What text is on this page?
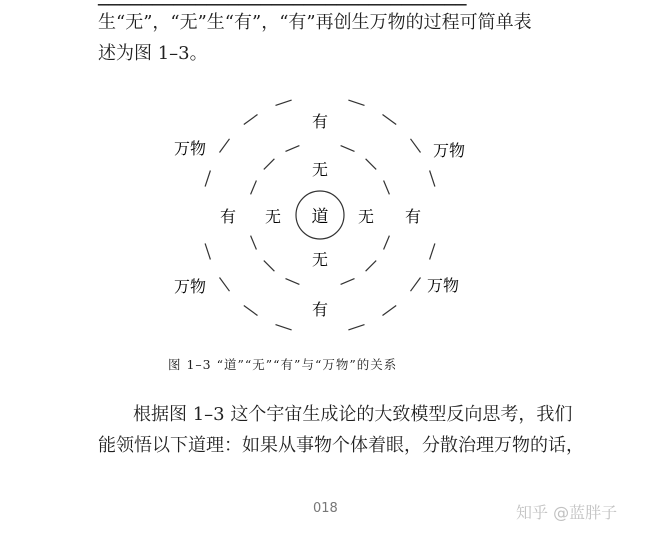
──────────────────────────────────
生“无”，“无”生“有”，“有”再创生万物的过程可简单表
述为图 1–3。
道
无
无	无
无
有
有	有
有
万物	万物
万物	万物
图 1–3 “道”“无”“有”与“万物”的关系
根据图 1–3 这个宇宙生成论的大致模型反向思考，我们
能领悟以下道理：如果从事物个体着眼，分散治理万物的话，
018	知乎 @蓝胖子
